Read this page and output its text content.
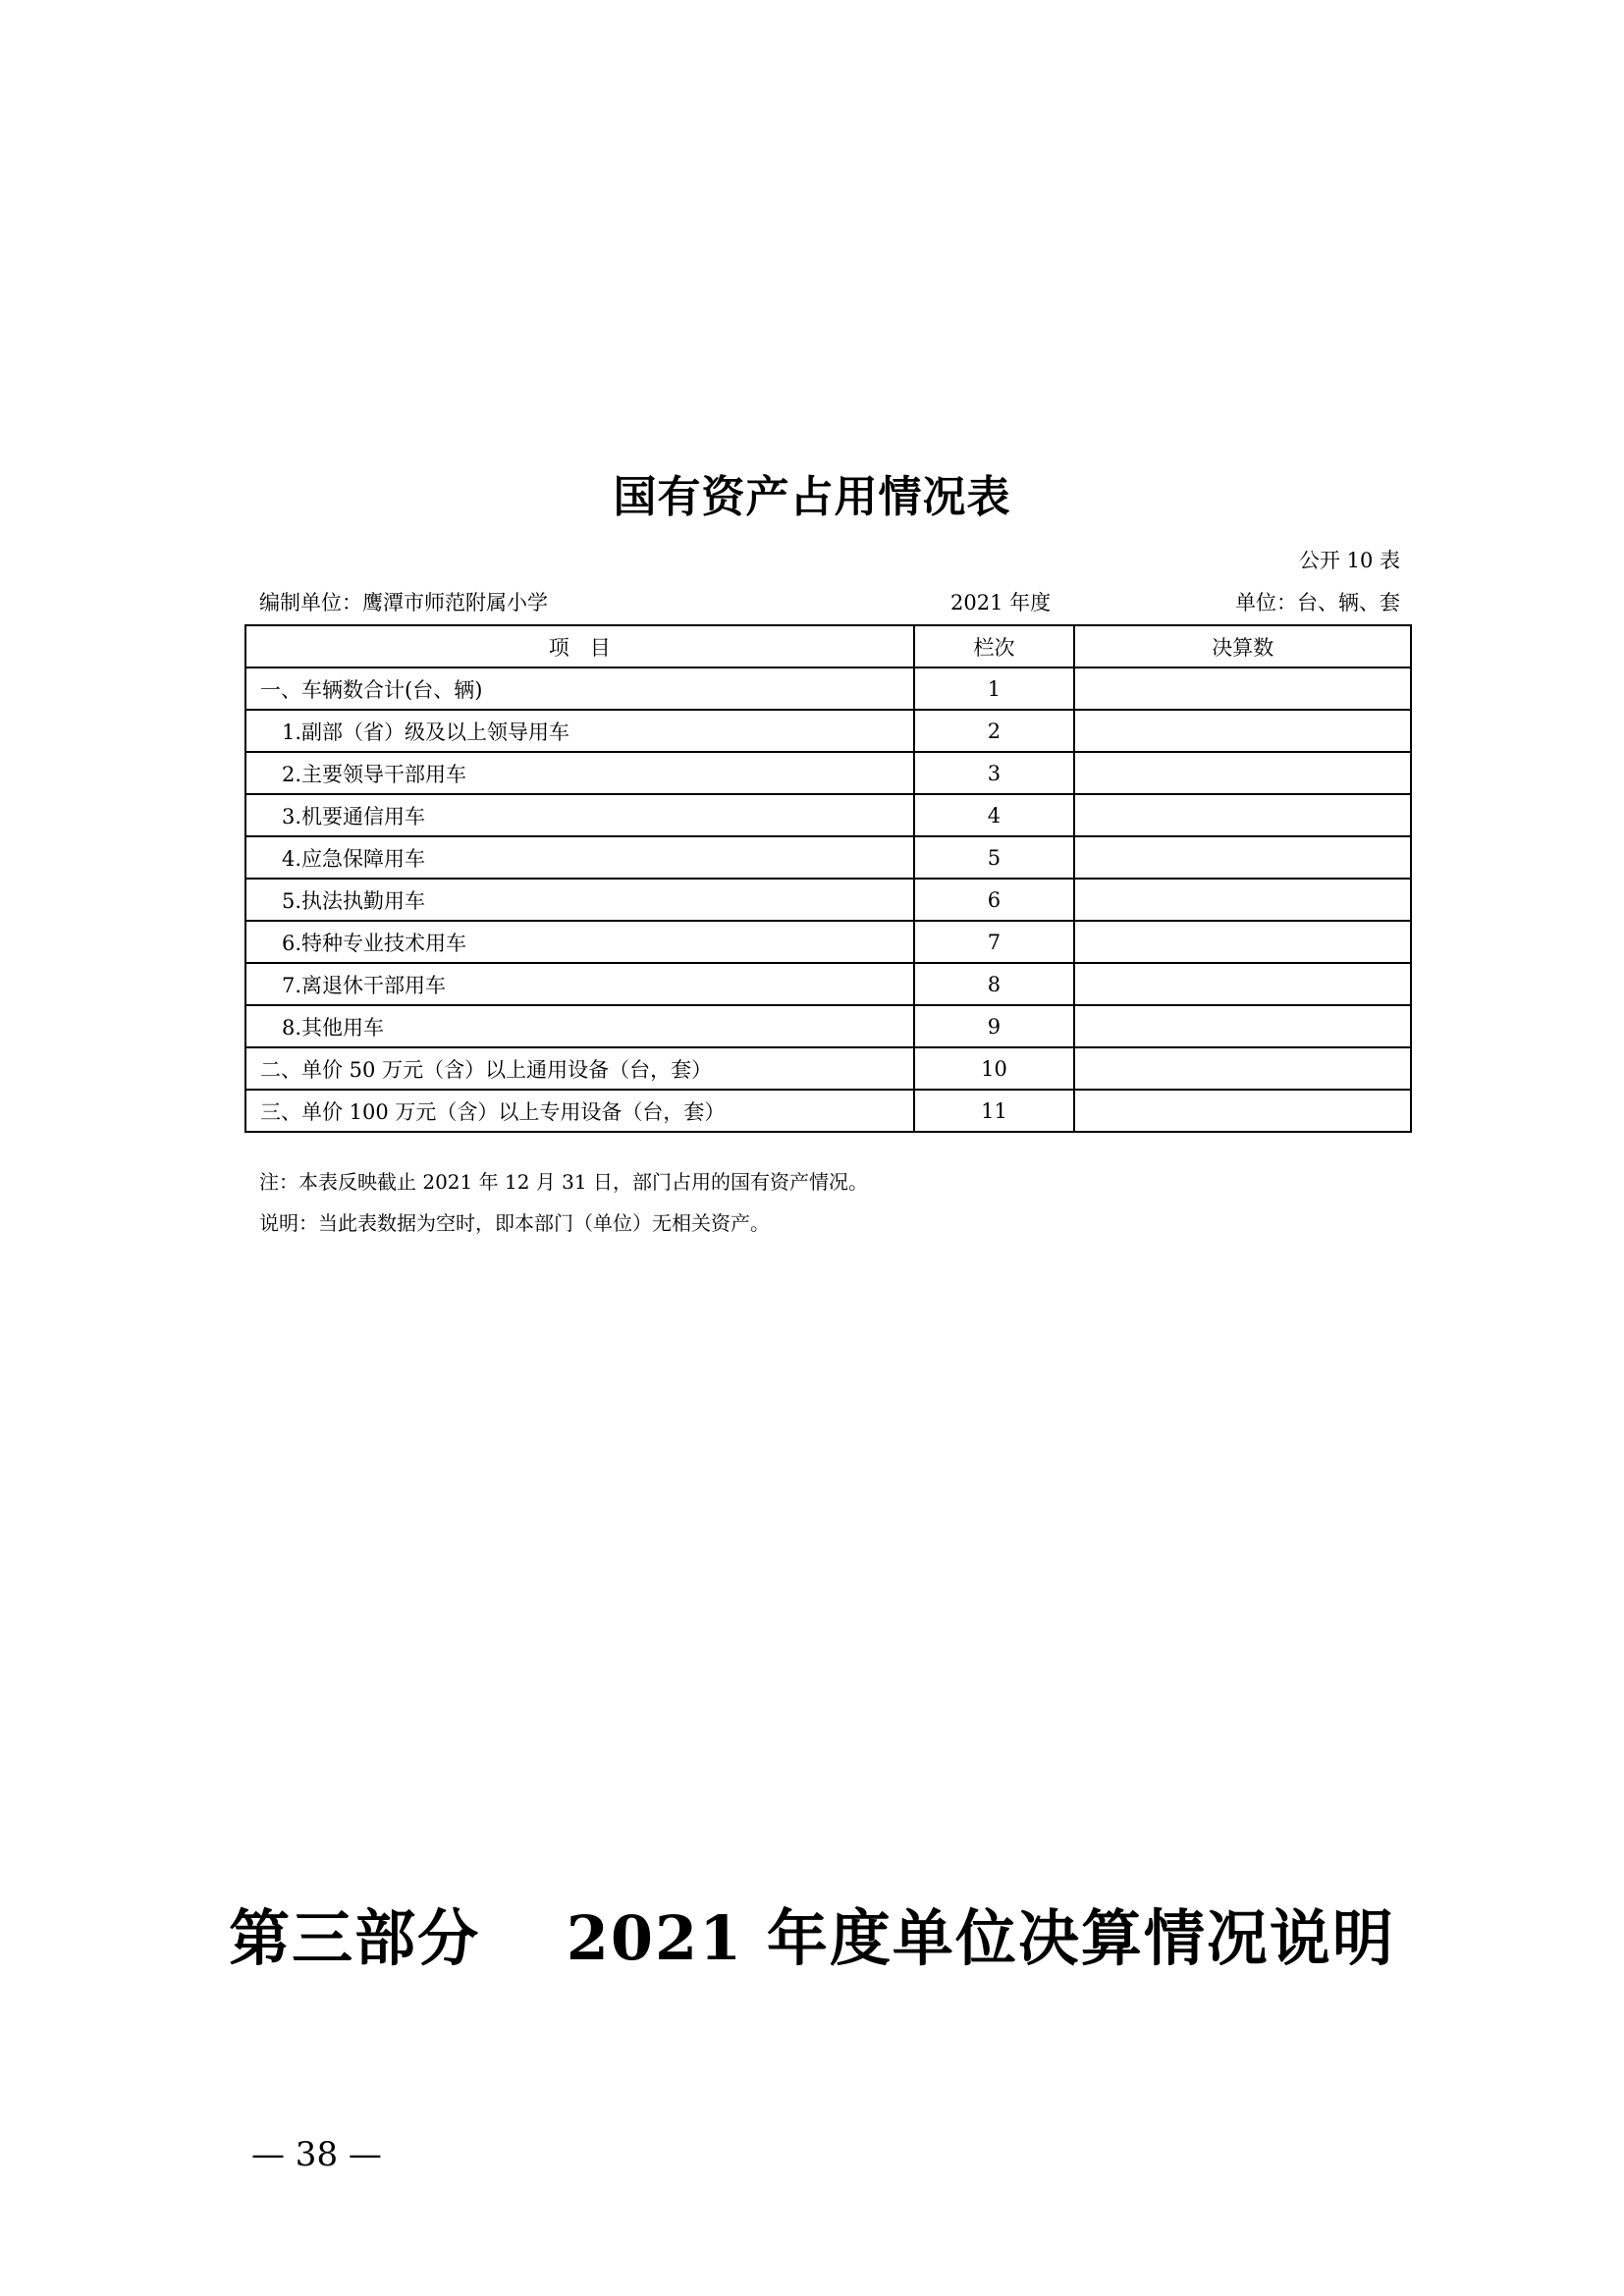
国有资产占用情况表
公开 10 表
编制单位：鹰潭市师范附属小学	2021 年度	单位：台、辆、套
项　目	栏次	决算数
一、车辆数合计(台、辆)	1	
1.副部（省）级及以上领导用车	2	
2.主要领导干部用车	3	
3.机要通信用车	4	
4.应急保障用车	5	
5.执法执勤用车	6	
6.特种专业技术用车	7	
7.离退休干部用车	8	
8.其他用车	9	
二、单价 50 万元（含）以上通用设备（台，套）	10	
三、单价 100 万元（含）以上专用设备（台，套）	11	
注：本表反映截止 2021 年 12 月 31 日，部门占用的国有资产情况。
说明：当此表数据为空时，即本部门（单位）无相关资产。
第三部分　 2021 年度单位决算情况说明
— 38 —
